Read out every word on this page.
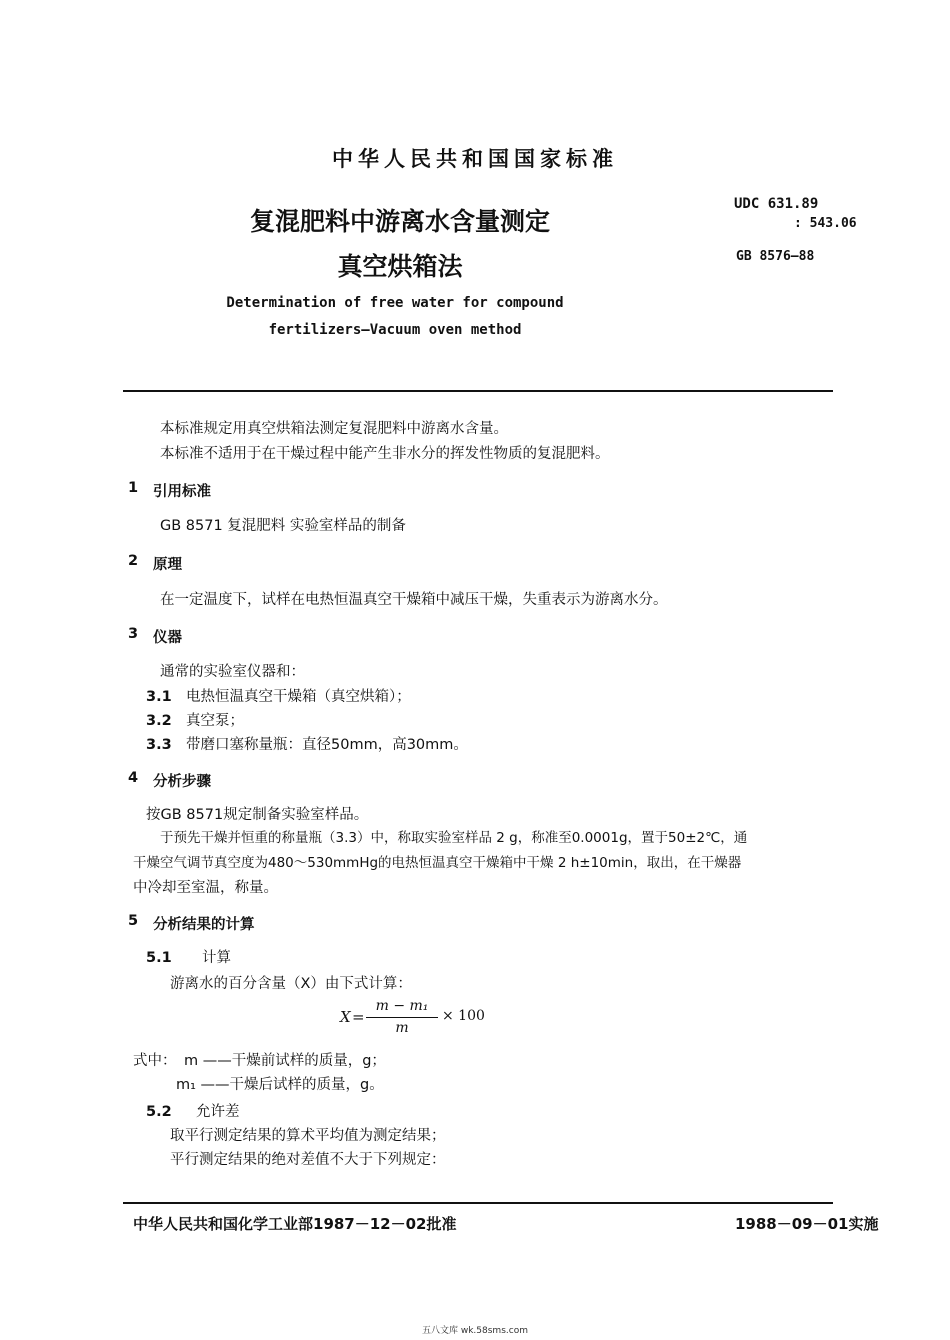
中华人民共和国国家标准
复混肥料中游离水含量测定
真空烘箱法
UDC 631.89
: 543.06
GB 8576—88
Determination of free water for compound
fertilizers—Vacuum oven method
本标准规定用真空烘箱法测定复混肥料中游离水含量。
本标准不适用于在干燥过程中能产生非水分的挥发性物质的复混肥料。
1 引用标准
GB 8571 复混肥料 实验室样品的制备
2 原理
在一定温度下，试样在电热恒温真空干燥箱中减压干燥，失重表示为游离水分。
3 仪器
通常的实验室仪器和：
3.1 电热恒温真空干燥箱（真空烘箱）；
3.2 真空泵；
3.3 带磨口塞称量瓶：直径50mm，高30mm。
4 分析步骤
按GB 8571规定制备实验室样品。
于预先干燥并恒重的称量瓶（3.3）中，称取实验室样品 2 g，称准至0.0001g，置于50±2℃，通
干燥空气调节真空度为480～530mmHg的电热恒温真空干燥箱中干燥 2 h±10min，取出，在干燥器
中冷却至室温，称量。
5 分析结果的计算
5.1 计算
游离水的百分含量（X）由下式计算：
X =
m − m₁
m
× 100
式中： m ——干燥前试样的质量，g；
m₁ ——干燥后试样的质量，g。
5.2 允许差
取平行测定结果的算术平均值为测定结果；
平行测定结果的绝对差值不大于下列规定：
中华人民共和国化学工业部1987－12－02批准	1988－09－01实施
五八文库 wk.58sms.com
